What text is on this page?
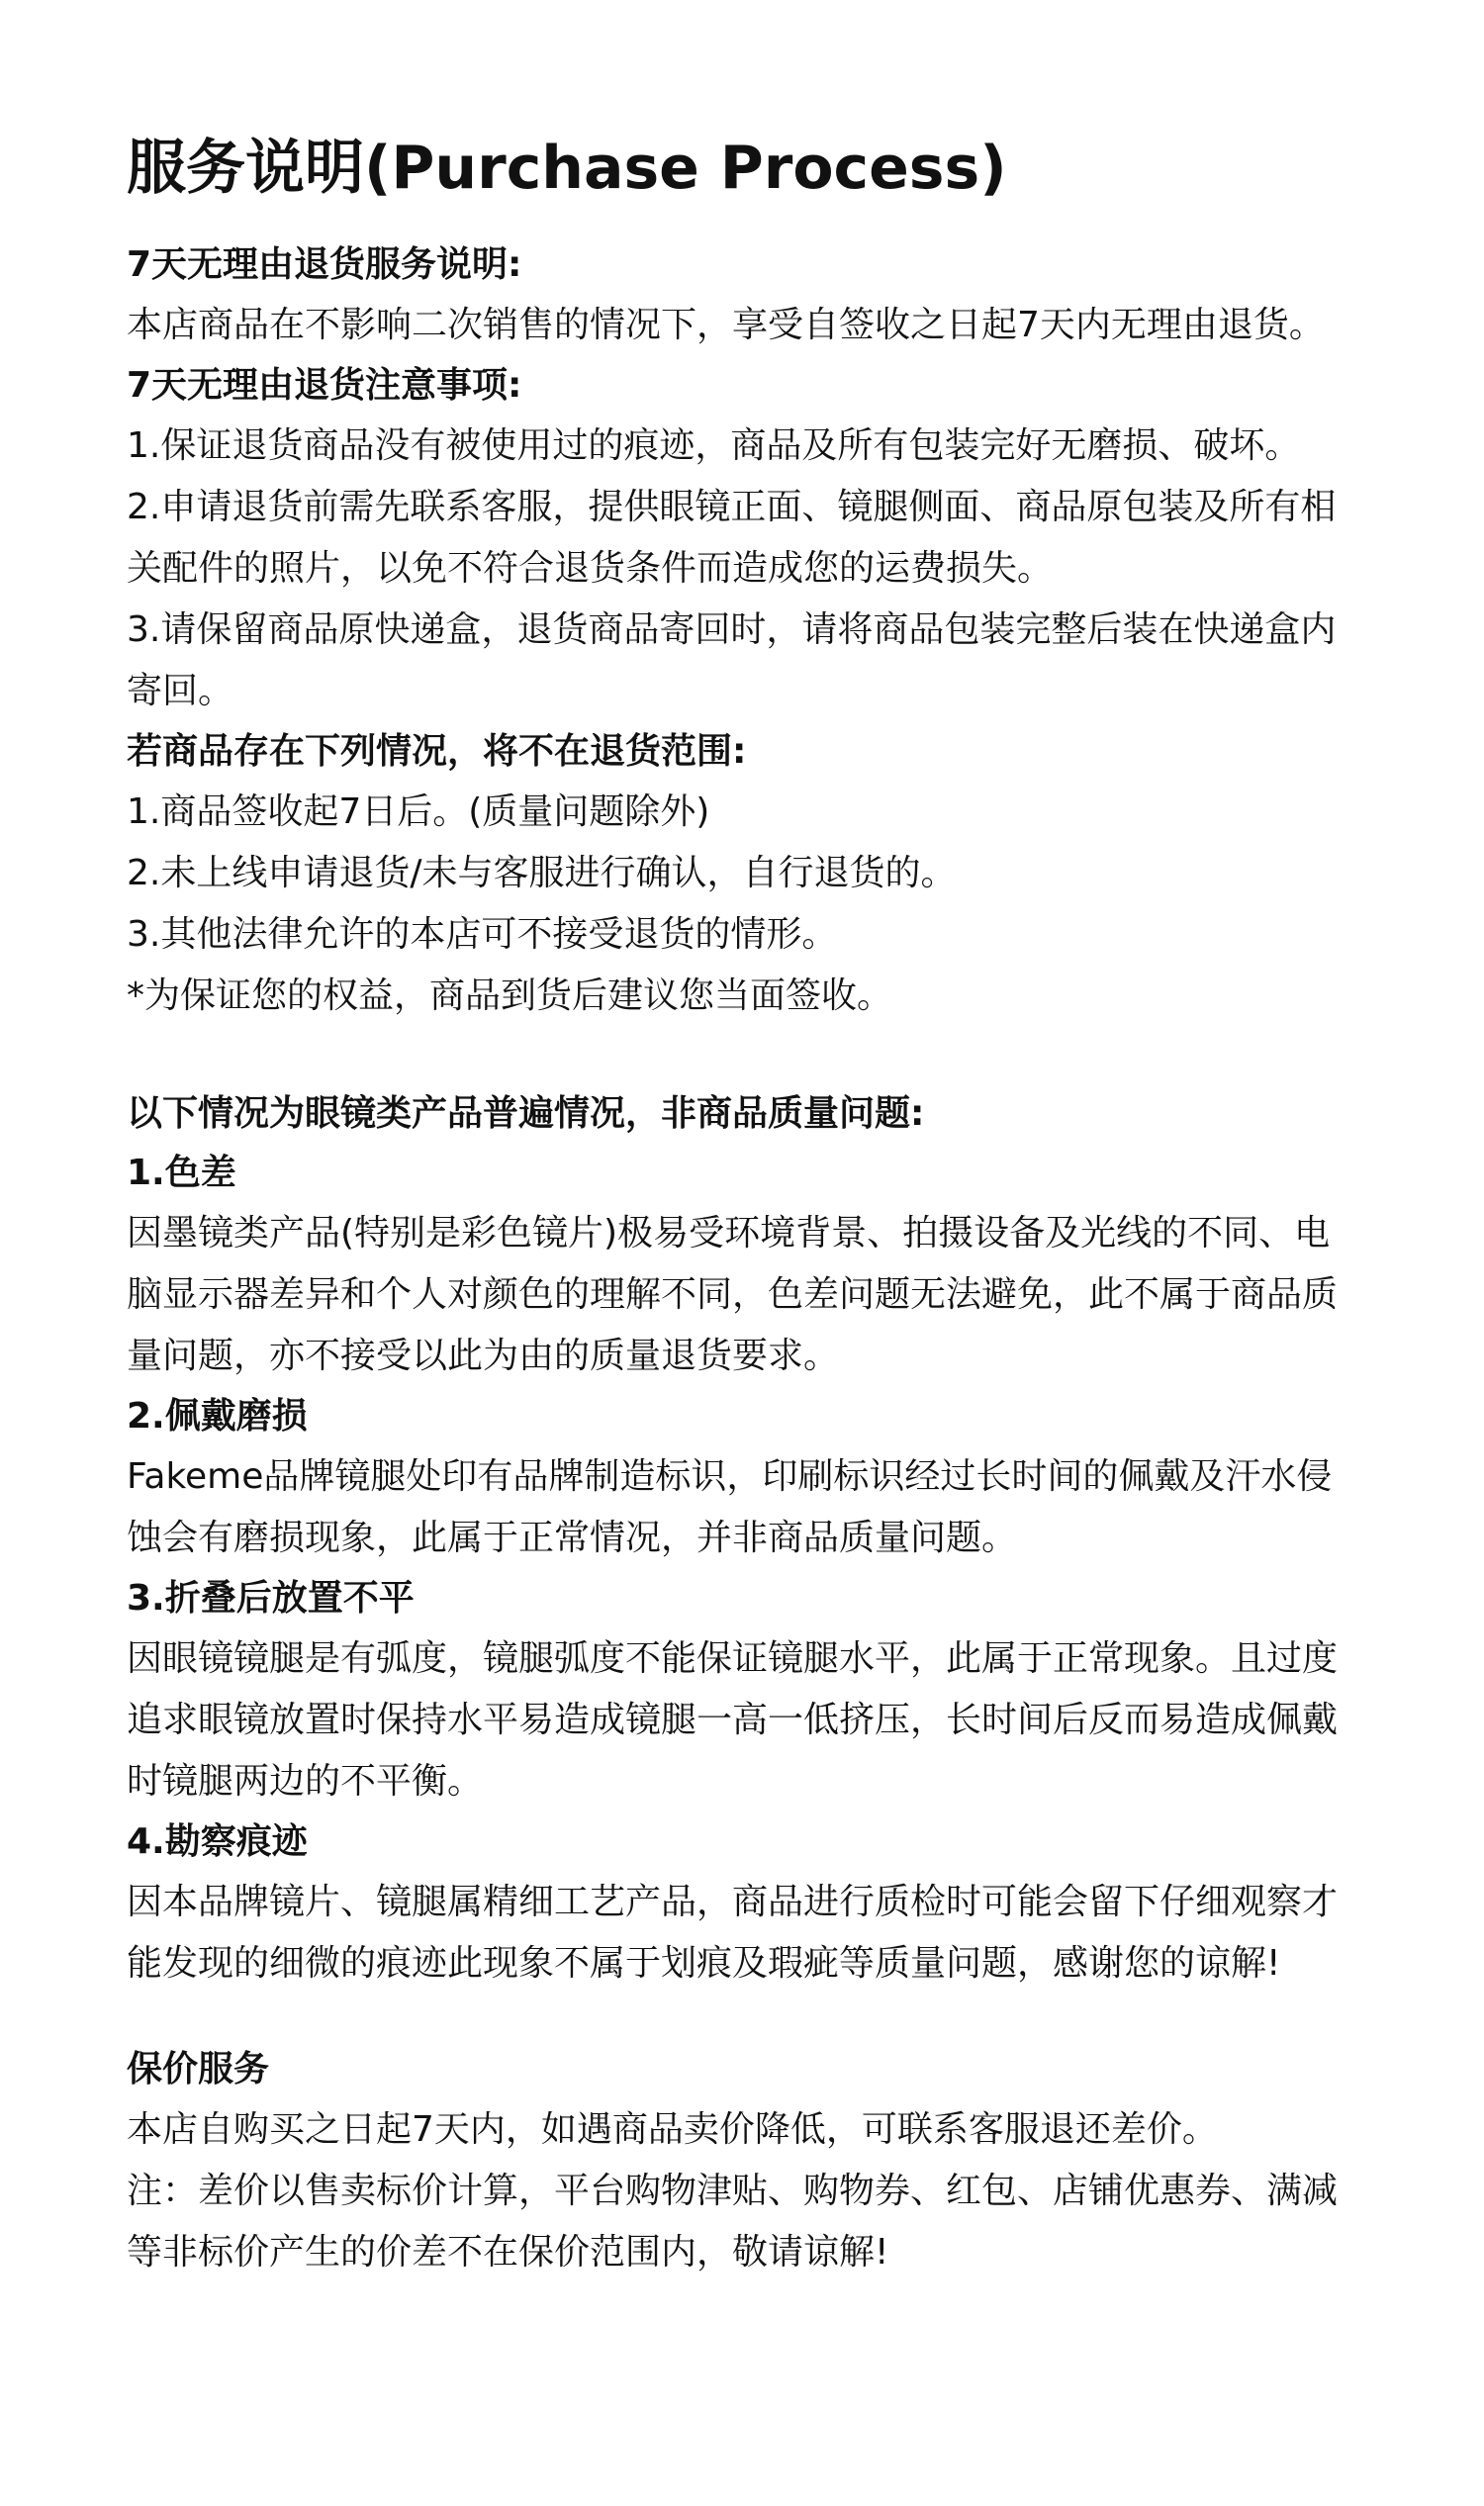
服务说明(Purchase Process)

7天无理由退货服务说明:

本店商品在不影响二次销售的情况下，享受自签收之日起7天内无理由退货。

7天无理由退货注意事项:

1.保证退货商品没有被使用过的痕迹，商品及所有包装完好无磨损、破坏。

2.申请退货前需先联系客服，提供眼镜正面、镜腿侧面、商品原包装及所有相关配件的照片，以免不符合退货条件而造成您的运费损失。

3.请保留商品原快递盒，退货商品寄回时，请将商品包装完整后装在快递盒内寄回。

若商品存在下列情况，将不在退货范围:

1.商品签收起7日后。(质量问题除外)

2.未上线申请退货/未与客服进行确认，自行退货的。

3.其他法律允许的本店可不接受退货的情形。

*为保证您的权益，商品到货后建议您当面签收。

以下情况为眼镜类产品普遍情况，非商品质量问题:

1.色差

因墨镜类产品(特别是彩色镜片)极易受环境背景、拍摄设备及光线的不同、电脑显示器差异和个人对颜色的理解不同，色差问题无法避免，此不属于商品质量问题，亦不接受以此为由的质量退货要求。

2.佩戴磨损

Fakeme品牌镜腿处印有品牌制造标识，印刷标识经过长时间的佩戴及汗水侵蚀会有磨损现象，此属于正常情况，并非商品质量问题。

3.折叠后放置不平

因眼镜镜腿是有弧度，镜腿弧度不能保证镜腿水平，此属于正常现象。且过度追求眼镜放置时保持水平易造成镜腿一高一低挤压，长时间后反而易造成佩戴时镜腿两边的不平衡。

4.勘察痕迹

因本品牌镜片、镜腿属精细工艺产品，商品进行质检时可能会留下仔细观察才能发现的细微的痕迹此现象不属于划痕及瑕疵等质量问题，感谢您的谅解!

保价服务

本店自购买之日起7天内，如遇商品卖价降低，可联系客服退还差价。

注：差价以售卖标价计算，平台购物津贴、购物券、红包、店铺优惠券、满减等非标价产生的价差不在保价范围内，敬请谅解!
